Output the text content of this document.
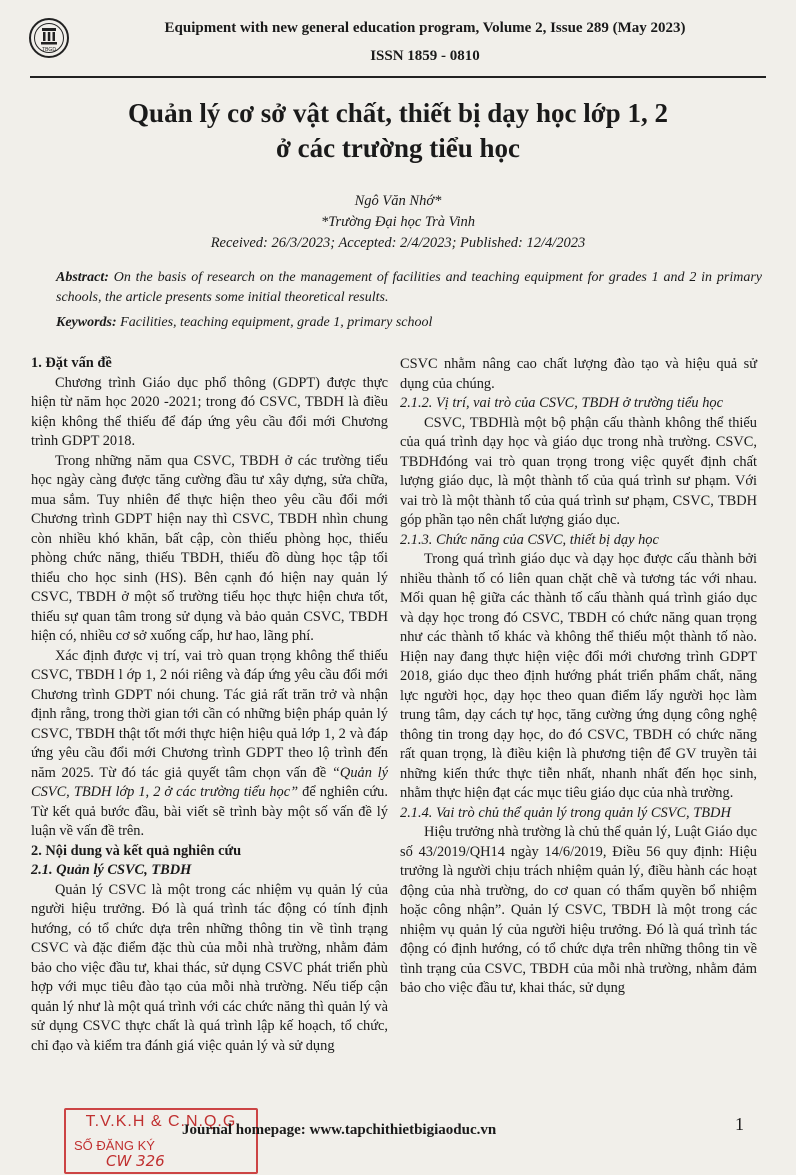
TBGD
Equipment with new general education program, Volume 2, Issue 289 (May 2023)
ISSN 1859 - 0810
Quản lý cơ sở vật chất, thiết bị dạy học lớp 1, 2
ở các trường tiểu học
Ngô Văn Nhớ*
*Trường Đại học Trà Vinh
Received: 26/3/2023; Accepted: 2/4/2023; Published: 12/4/2023
Abstract: On the basis of research on the management of facilities and teaching equipment for grades 1 and 2 in primary schools, the article presents some initial theoretical results.
Keywords: Facilities, teaching equipment, grade 1, primary school
1. Đặt vấn đề

Chương trình Giáo dục phổ thông (GDPT) được thực hiện từ năm học 2020 -2021; trong đó CSVC, TBDH là điều kiện không thể thiếu để đáp ứng yêu cầu đổi mới Chương trình GDPT 2018.

Trong những năm qua CSVC, TBDH ở các trường tiểu học ngày càng được tăng cường đầu tư xây dựng, sửa chữa, mua sắm. Tuy nhiên để thực hiện theo yêu cầu đổi mới Chương trình GDPT hiện nay thì CSVC, TBDH nhìn chung còn nhiều khó khăn, bất cập, còn thiếu phòng học, thiếu phòng chức năng, thiếu TBDH, thiếu đồ dùng học tập tối thiểu cho học sinh (HS). Bên cạnh đó hiện nay quản lý CSVC, TBDH ở một số trường tiểu học thực hiện chưa tốt, thiếu sự quan tâm trong sử dụng và bảo quản CSVC, TBDH hiện có, nhiều cơ sở xuống cấp, hư hao, lãng phí.

Xác định được vị trí, vai trò quan trọng không thể thiếu CSVC, TBDH l ớp 1, 2 nói riêng và đáp ứng yêu cầu đổi mới Chương trình GDPT nói chung. Tác giả rất trăn trở và nhận định rằng, trong thời gian tới cần có những biện pháp quản lý CSVC, TBDH thật tốt mới thực hiện hiệu quả lớp 1, 2 và đáp ứng yêu cầu đổi mới Chương trình GDPT theo lộ trình đến năm 2025. Từ đó tác giả quyết tâm chọn vấn đề “Quản lý CSVC, TBDH lớp 1, 2 ở các trường tiểu học” để nghiên cứu. Từ kết quả bước đầu, bài viết sẽ trình bày một số vấn đề lý luận về vấn đề trên.

2. Nội dung và kết quả nghiên cứu
2.1. Quản lý CSVC, TBDH

Quản lý CSVC là một trong các nhiệm vụ quản lý của người hiệu trưởng. Đó là quá trình tác động có tính định hướng, có tổ chức dựa trên những thông tin về tình trạng CSVC và đặc điểm đặc thù của mỗi nhà trường, nhằm đảm bảo cho việc đầu tư, khai thác, sử dụng CSVC phát triển phù hợp với mục tiêu đào tạo của mỗi nhà trường. Nếu tiếp cận quản lý như là một quá trình với các chức năng thì quản lý và sử dụng CSVC thực chất là quá trình lập kế hoạch, tổ chức, chỉ đạo và kiểm tra đánh giá việc quản lý và sử dụng

CSVC nhằm nâng cao chất lượng đào tạo và hiệu quả sử dụng của chúng.

2.1.2. Vị trí, vai trò của CSVC, TBDH ở trường tiểu học

CSVC, TBDHlà một bộ phận cấu thành không thể thiếu của quá trình dạy học và giáo dục trong nhà trường. CSVC, TBDHđóng vai trò quan trọng trong việc quyết định chất lượng giáo dục, là một thành tố của quá trình sư phạm. Với vai trò là một thành tố của quá trình sư phạm, CSVC, TBDH góp phần tạo nên chất lượng giáo dục.

2.1.3. Chức năng của CSVC, thiết bị dạy học

Trong quá trình giáo dục và dạy học được cấu thành bởi nhiều thành tố có liên quan chặt chẽ và tương tác với nhau. Mối quan hệ giữa các thành tố cấu thành quá trình giáo dục và dạy học trong đó CSVC, TBDH có chức năng quan trọng như các thành tố khác và không thể thiếu một thành tố nào. Hiện nay đang thực hiện việc đổi mới chương trình GDPT 2018, giáo dục theo định hướng phát triển phẩm chất, năng lực người học, dạy học theo quan điểm lấy người học làm trung tâm, dạy cách tự học, tăng cường ứng dụng công nghệ thông tin trong dạy học, do đó CSVC, TBDH có chức năng rất quan trọng, là điều kiện là phương tiện để GV truyền tải những kiến thức thực tiễn nhất, nhanh nhất đến học sinh, nhằm thực hiện đạt các mục tiêu giáo dục của nhà trường.

2.1.4. Vai trò chủ thể quản lý trong quản lý CSVC, TBDH

Hiệu trưởng nhà trường là chủ thể quản lý, Luật Giáo dục số 43/2019/QH14 ngày 14/6/2019, Điều 56 quy định: Hiệu trưởng là người chịu trách nhiệm quản lý, điều hành các hoạt động của nhà trường, do cơ quan có thẩm quyền bổ nhiệm hoặc công nhận”. Quản lý CSVC, TBDH là một trong các nhiệm vụ quản lý của người hiệu trưởng. Đó là quá trình tác động có định hướng, có tổ chức dựa trên những thông tin về tình trạng của CSVC, TBDH của mỗi nhà trường, nhằm đảm bảo cho việc đầu tư, khai thác, sử dụng

T.V.K.H & C.N.Q.G
SỐ ĐĂNG KÝ
CW 326
Journal homepage: www.tapchithietbigiaoduc.vn	1
